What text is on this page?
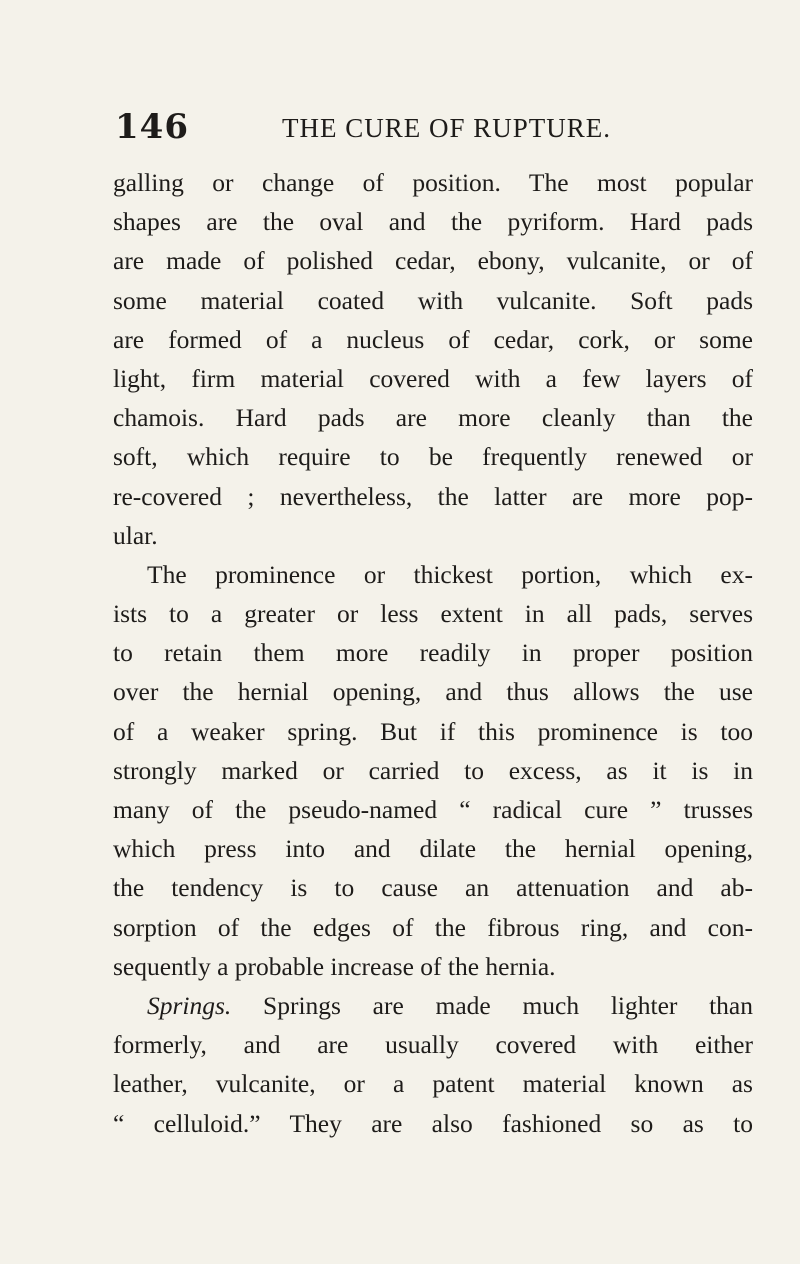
146	THE CURE OF RUPTURE.
galling or change of position. The most popular
shapes are the oval and the pyriform. Hard pads
are made of polished cedar, ebony, vulcanite, or of
some material coated with vulcanite. Soft pads
are formed of a nucleus of cedar, cork, or some
light, firm material covered with a few layers of
chamois. Hard pads are more cleanly than the
soft, which require to be frequently renewed or
re-covered ; nevertheless, the latter are more pop-
ular.
The prominence or thickest portion, which ex-
ists to a greater or less extent in all pads, serves
to retain them more readily in proper position
over the hernial opening, and thus allows the use
of a weaker spring. But if this prominence is too
strongly marked or carried to excess, as it is in
many of the pseudo-named “ radical cure ” trusses
which press into and dilate the hernial opening,
the tendency is to cause an attenuation and ab-
sorption of the edges of the fibrous ring, and con-
sequently a probable increase of the hernia.
Springs. Springs are made much lighter than
formerly, and are usually covered with either
leather, vulcanite, or a patent material known as
“ celluloid.” They are also fashioned so as to
